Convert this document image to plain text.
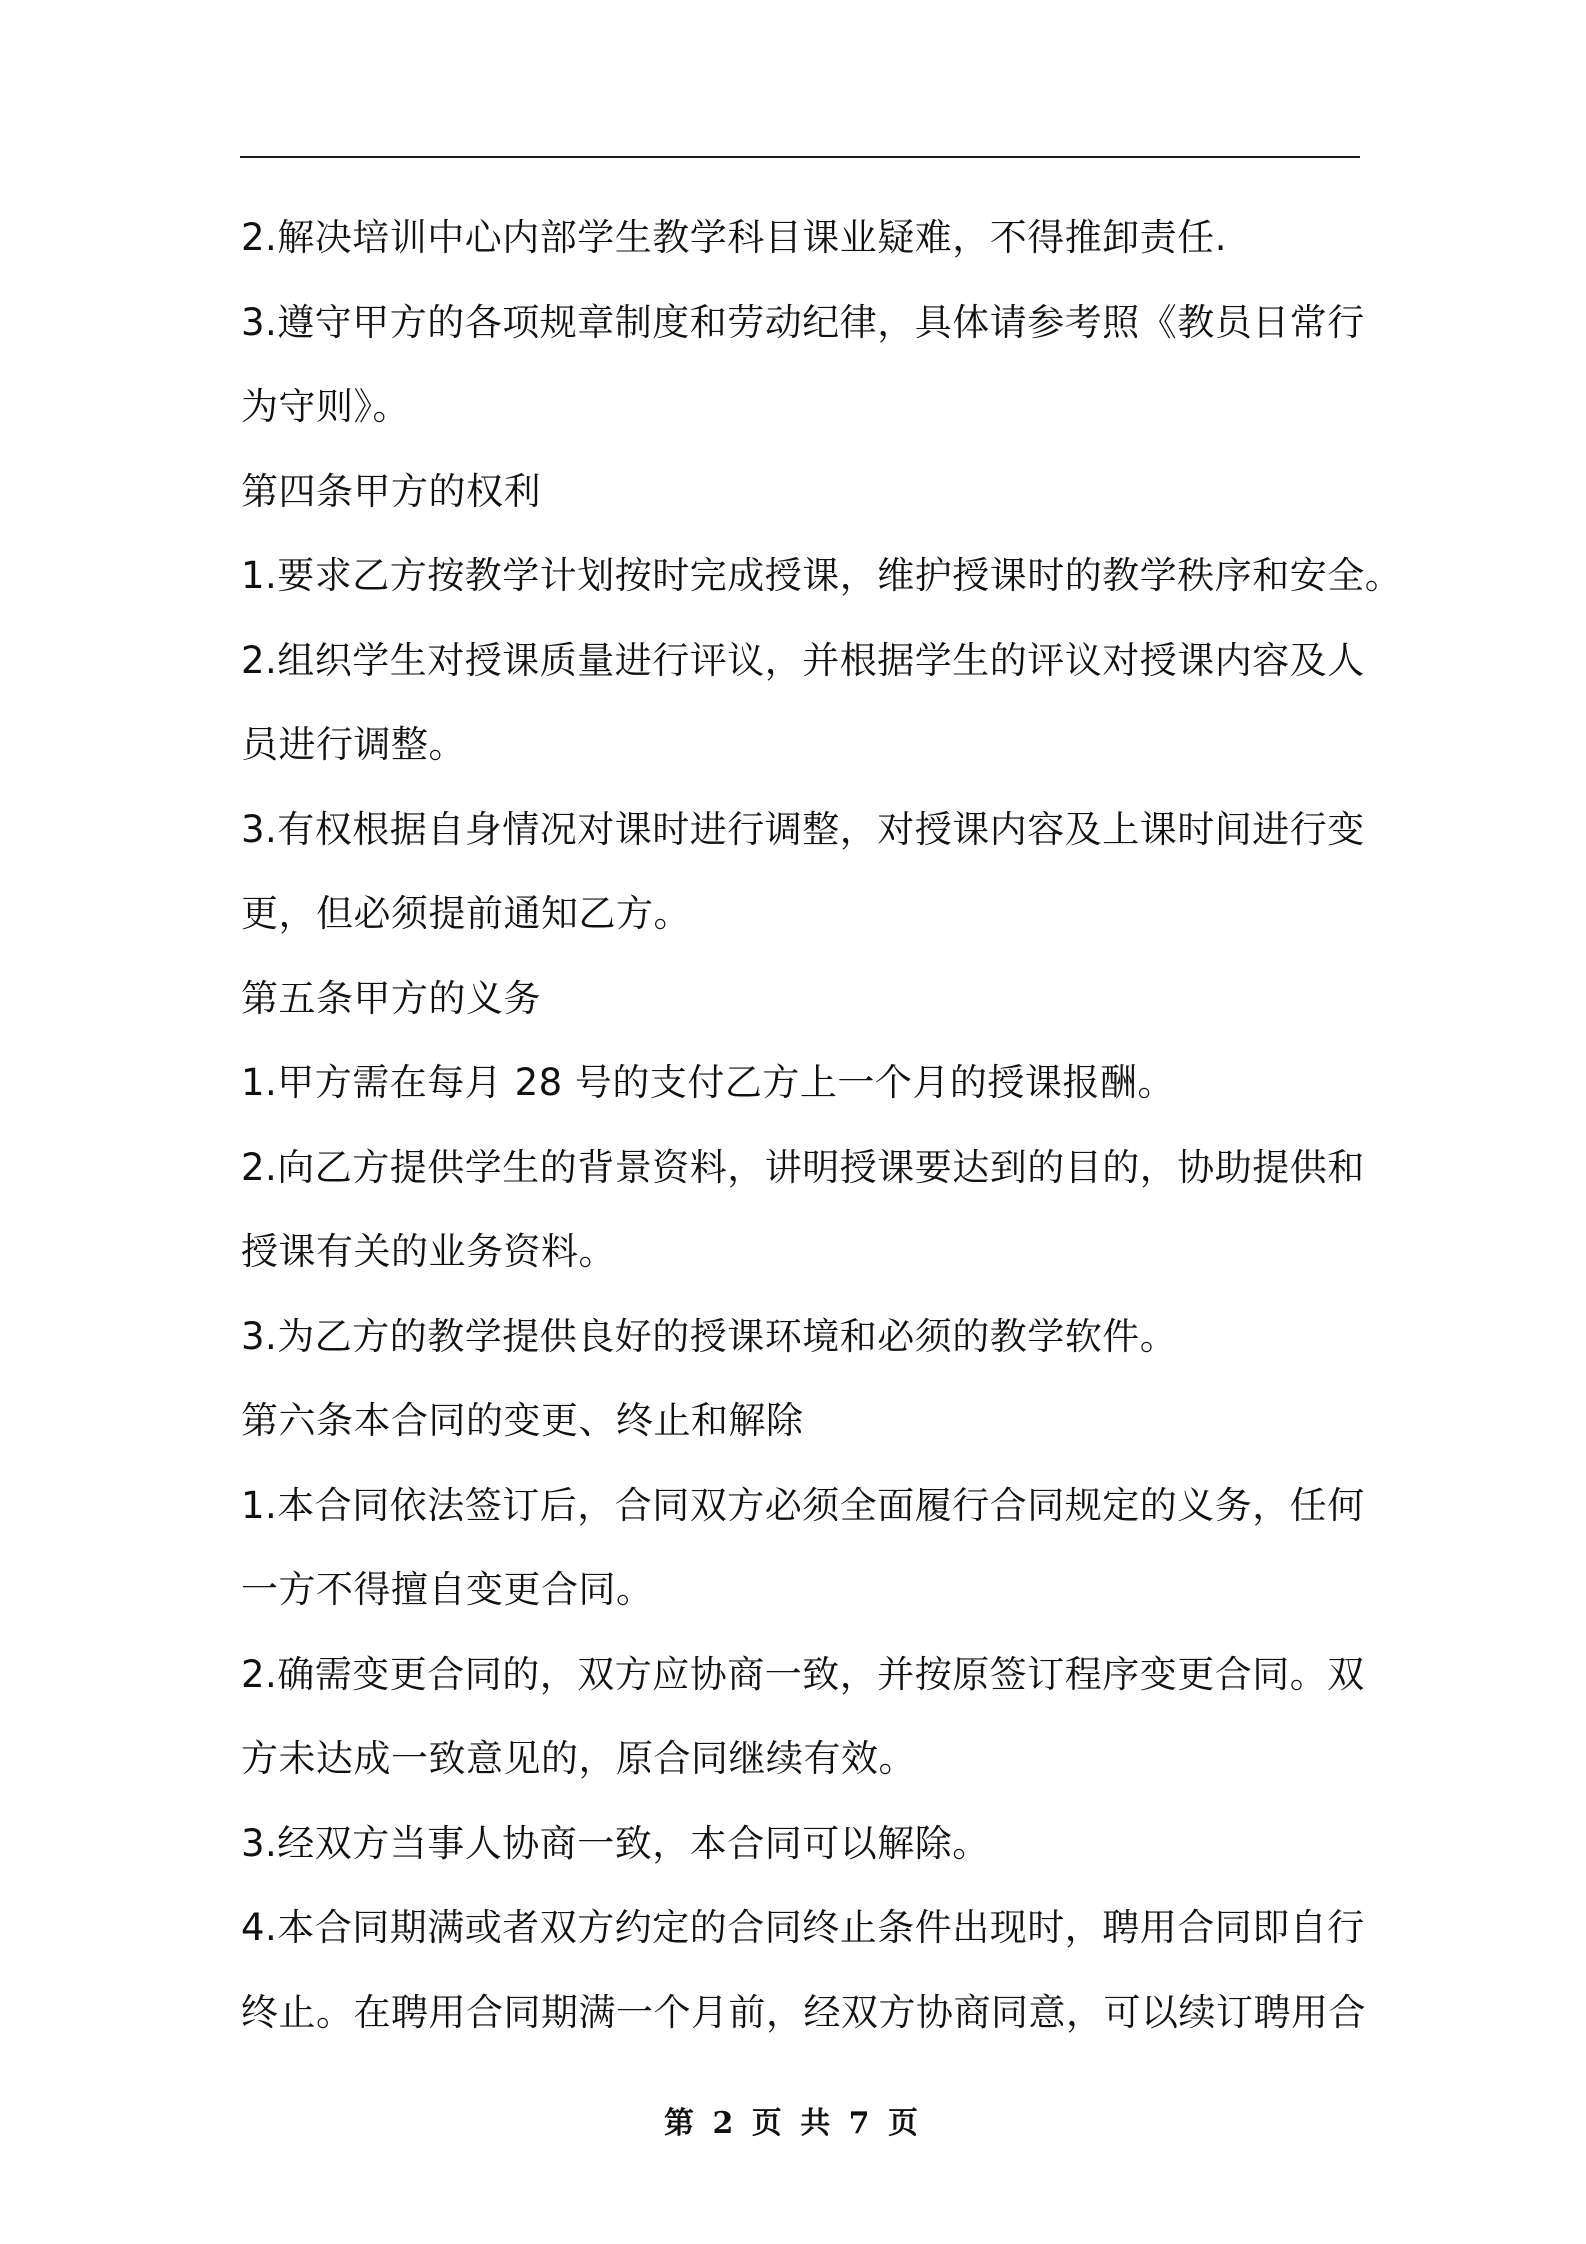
2.解决培训中心内部学生教学科目课业疑难，不得推卸责任.
3.遵守甲方的各项规章制度和劳动纪律，具体请参考照《教员日常行
为守则》。
第四条甲方的权利
1.要求乙方按教学计划按时完成授课，维护授课时的教学秩序和安全。
2.组织学生对授课质量进行评议，并根据学生的评议对授课内容及人
员进行调整。
3.有权根据自身情况对课时进行调整，对授课内容及上课时间进行变
更，但必须提前通知乙方。
第五条甲方的义务
1.甲方需在每月 28 号的支付乙方上一个月的授课报酬。
2.向乙方提供学生的背景资料，讲明授课要达到的目的，协助提供和
授课有关的业务资料。
3.为乙方的教学提供良好的授课环境和必须的教学软件。
第六条本合同的变更、终止和解除
1.本合同依法签订后，合同双方必须全面履行合同规定的义务，任何
一方不得擅自变更合同。
2.确需变更合同的，双方应协商一致，并按原签订程序变更合同。双
方未达成一致意见的，原合同继续有效。
3.经双方当事人协商一致，本合同可以解除。
4.本合同期满或者双方约定的合同终止条件出现时，聘用合同即自行
终止。在聘用合同期满一个月前，经双方协商同意，可以续订聘用合
第 2 页 共 7 页
